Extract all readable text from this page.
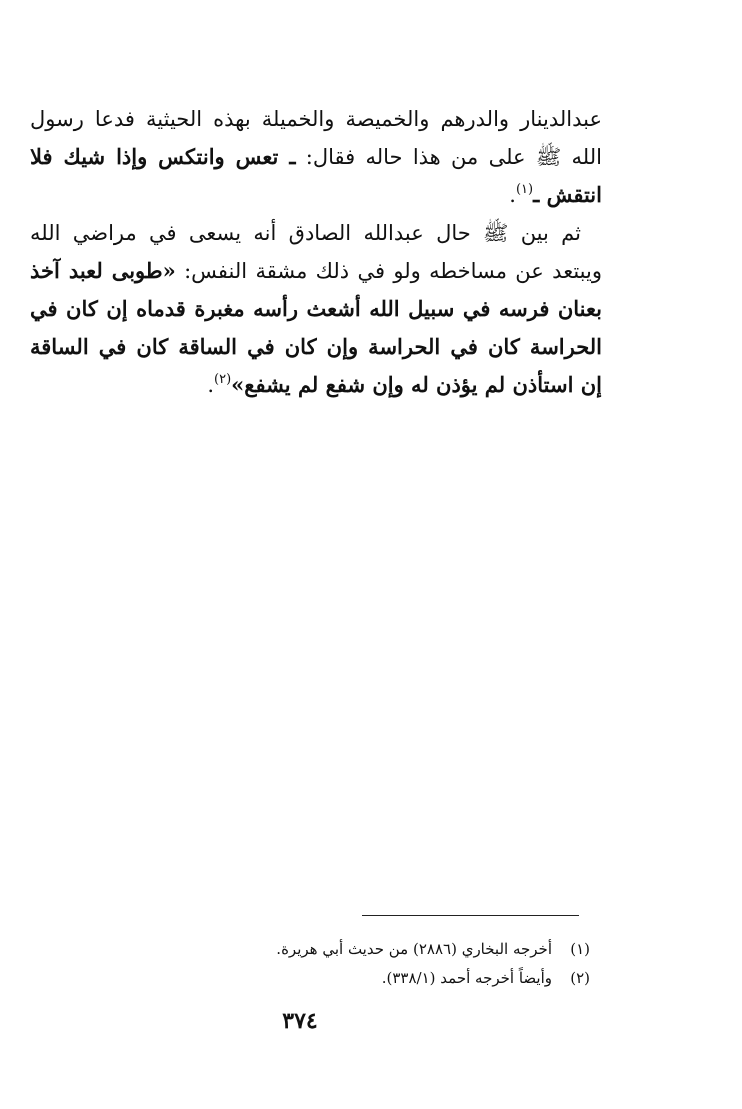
عبدالدينار والدرهم والخميصة والخميلة بهذه الحيثية فدعا رسول الله ﷺ على من هذا حاله فقال: ـ تعس وانتكس وإذا شيك فلا انتقش ـ$^{(١)}$.

 ثم بين ﷺ حال عبدالله الصادق أنه يسعى في مراضي الله ويبتعد عن مساخطه ولو في ذلك مشقة النفس: «طوبى لعبد آخذ بعنان فرسه في سبيل الله أشعث رأسه مغبرة قدماه إن كان في الحراسة كان في الحراسة وإن كان في الساقة كان في الساقة إن استأذن لم يؤذن له وإن شفع لم يشفع»$^{(٢)}$.

(١)
أخرجه البخاري (٢٨٨٦) من حديث أبي هريرة.
(٢)
وأيضاً أخرجه أحمد (٣٣٨/١).
٣٧٤
